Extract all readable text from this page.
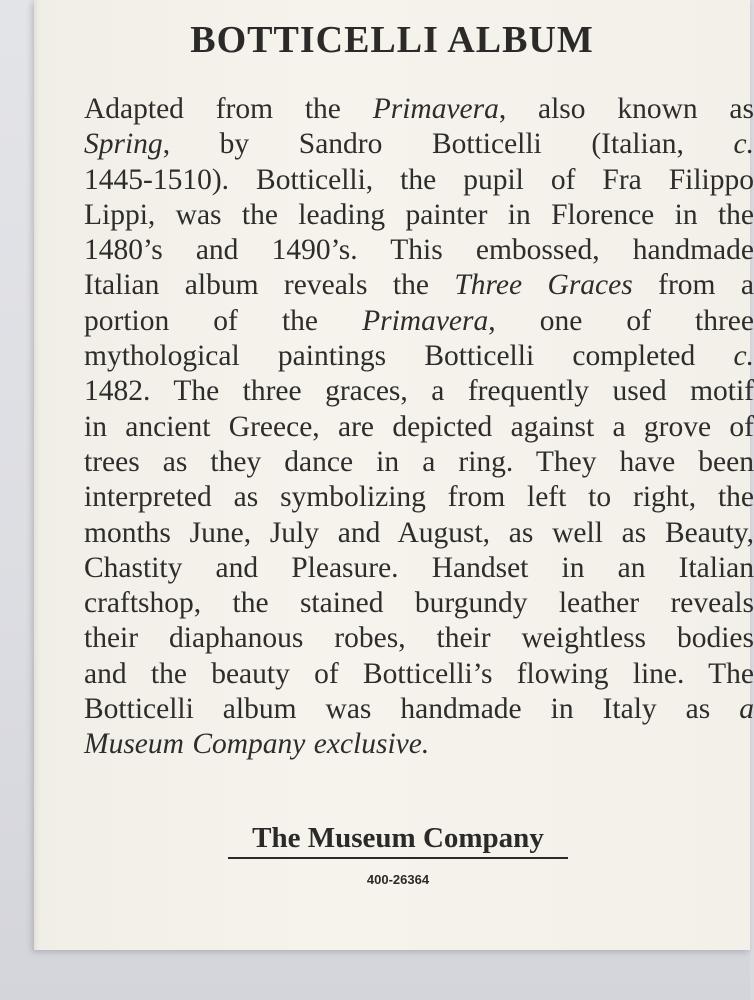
BOTTICELLI ALBUM
Adapted from the Primavera, also known as
Spring, by Sandro Botticelli (Italian, c.
1445-1510). Botticelli, the pupil of Fra Filippo
Lippi, was the leading painter in Florence in the
1480’s and 1490’s. This embossed, handmade
Italian album reveals the Three Graces from a
portion of the Primavera, one of three
mythological paintings Botticelli completed c.
1482. The three graces, a frequently used motif
in ancient Greece, are depicted against a grove of
trees as they dance in a ring. They have been
interpreted as symbolizing from left to right, the
months June, July and August, as well as Beauty,
Chastity and Pleasure. Handset in an Italian
craftshop, the stained burgundy leather reveals
their diaphanous robes, their weightless bodies
and the beauty of Botticelli’s flowing line. The
Botticelli album was handmade in Italy as a
Museum Company exclusive.
The Museum Company
400-26364
